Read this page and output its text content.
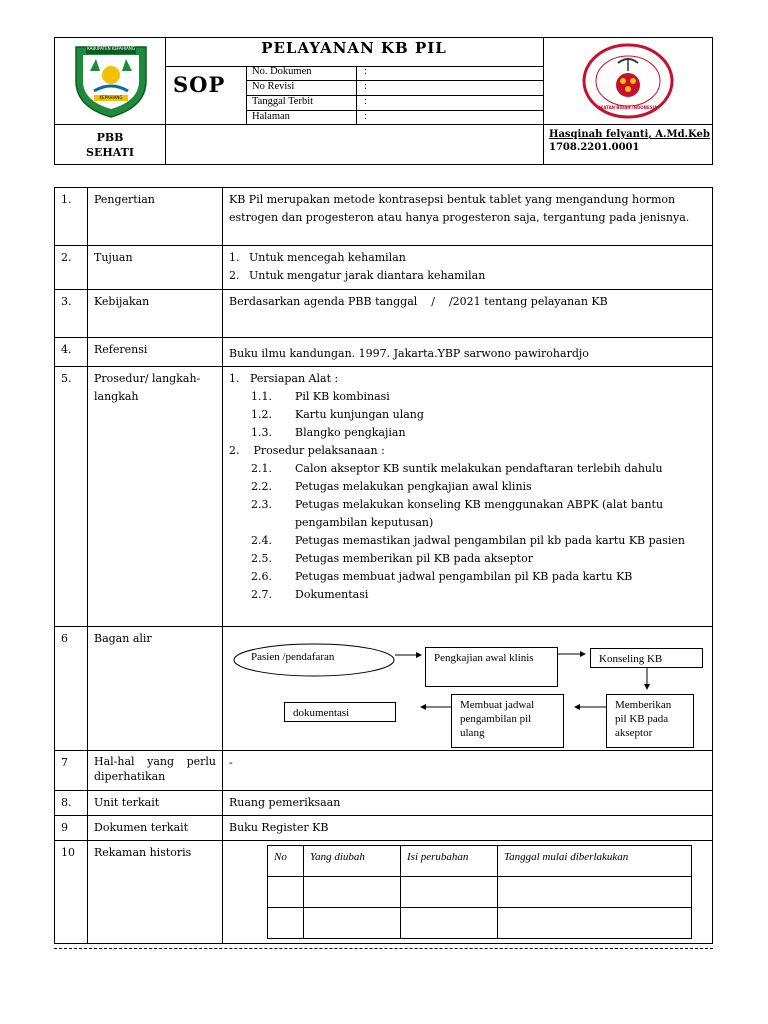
KABUPATEN KEPAHIANG
KEPAHIANG
PBB
SEHATI
PELAYANAN KB PIL
SOP
No. Dokumen	:
No Revisi	:
Tanggal Terbit	:
Halaman	:
IKATAN BIDAN INDONESIA
Hasqinah felyanti, A.Md.Keb
1708.2201.0001
1.	Pengertian	KB Pil merupakan metode kontrasepsi bentuk tablet yang mengandung hormon estrogen dan progesteron atau hanya progesteron saja, tergantung pada jenisnya.
2.	Tujuan	1. Untuk mencegah kehamilan
2. Untuk mengatur jarak diantara kehamilan

3.	Kebijakan	Berdasarkan agenda PBB tanggal    /    /2021 tentang pelayanan KB
4.	Referensi	Buku ilmu kandungan. 1997. Jakarta.YBP sarwono pawirohardjo
5.	Prosedur/ langkah-langkah	
1.   Persiapan Alat :
1.1.	Pil KB kombinasi
1.2.	Kartu kunjungan ulang
1.3.	Blangko pengkajian
2.    Prosedur pelaksanaan :
2.1.	Calon akseptor KB suntik melakukan pendaftaran terlebih dahulu
2.2.	Petugas melakukan pengkajian awal klinis
2.3.	Petugas melakukan konseling KB menggunakan ABPK (alat bantu pengambilan keputusan)
2.4.	Petugas memastikan jadwal pengambilan pil kb pada kartu KB pasien
2.5.	Petugas memberikan pil KB pada akseptor
2.6.	Petugas membuat jadwal pengambilan pil KB pada kartu KB
2.7.	Dokumentasi

6	Bagan alir	
Pasien /pendafaran	Pengkajian awal klinis	Konseling KB
Memberikan pil KB pada akseptor
Membuat jadwal pengambilan pil ulang
dokumentasi

7	Hal-hal yang perlu diperhatikan	-
8.	Unit terkait	Ruang pemeriksaan
9	Dokumen terkait	Buku Register KB
10	Rekaman historis		No	Yang diubah	Isi perubahan	Tanggal mulai diberlakukan
